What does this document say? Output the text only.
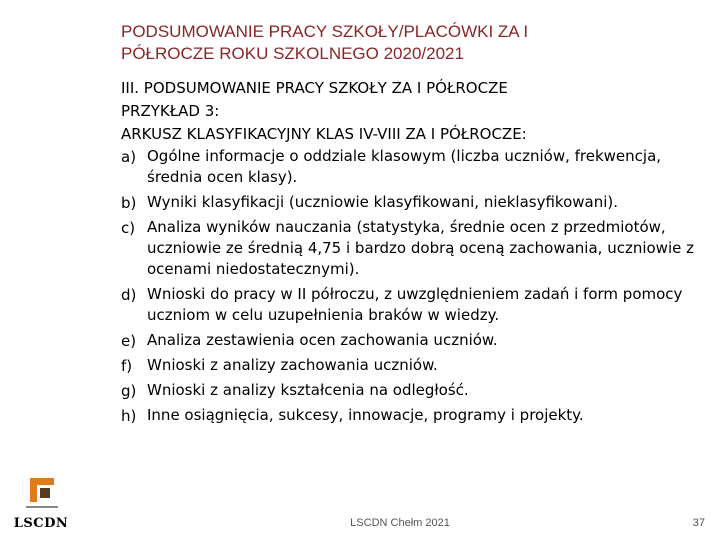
PODSUMOWANIE PRACY SZKOŁY/PLACÓWKI ZA I
PÓŁROCZE ROKU SZKOLNEGO 2020/2021
III. PODSUMOWANIE PRACY SZKOŁY ZA I PÓŁROCZE
PRZYKŁAD 3:
ARKUSZ KLASYFIKACYJNY KLAS IV-VIII ZA I PÓŁROCZE:
a) Ogólne informacje o oddziale klasowym (liczba uczniów, frekwencja, średnia ocen klasy).
b) Wyniki klasyfikacji (uczniowie klasyfikowani, nieklasyfikowani).
c) Analiza wyników nauczania (statystyka, średnie ocen z przedmiotów, uczniowie ze średnią 4,75 i bardzo dobrą oceną zachowania, uczniowie z ocenami niedostatecznymi).
d) Wnioski do pracy w II półroczu, z uwzględnieniem zadań i form pomocy uczniom w celu uzupełnienia braków w wiedzy.
e) Analiza zestawienia ocen zachowania uczniów.
f) Wnioski z analizy zachowania uczniów.
g) Wnioski z analizy kształcenia na odległość.
h) Inne osiągnięcia, sukcesy, innowacje, programy i projekty.
LSCDN	LSCDN Chełm 2021	37
